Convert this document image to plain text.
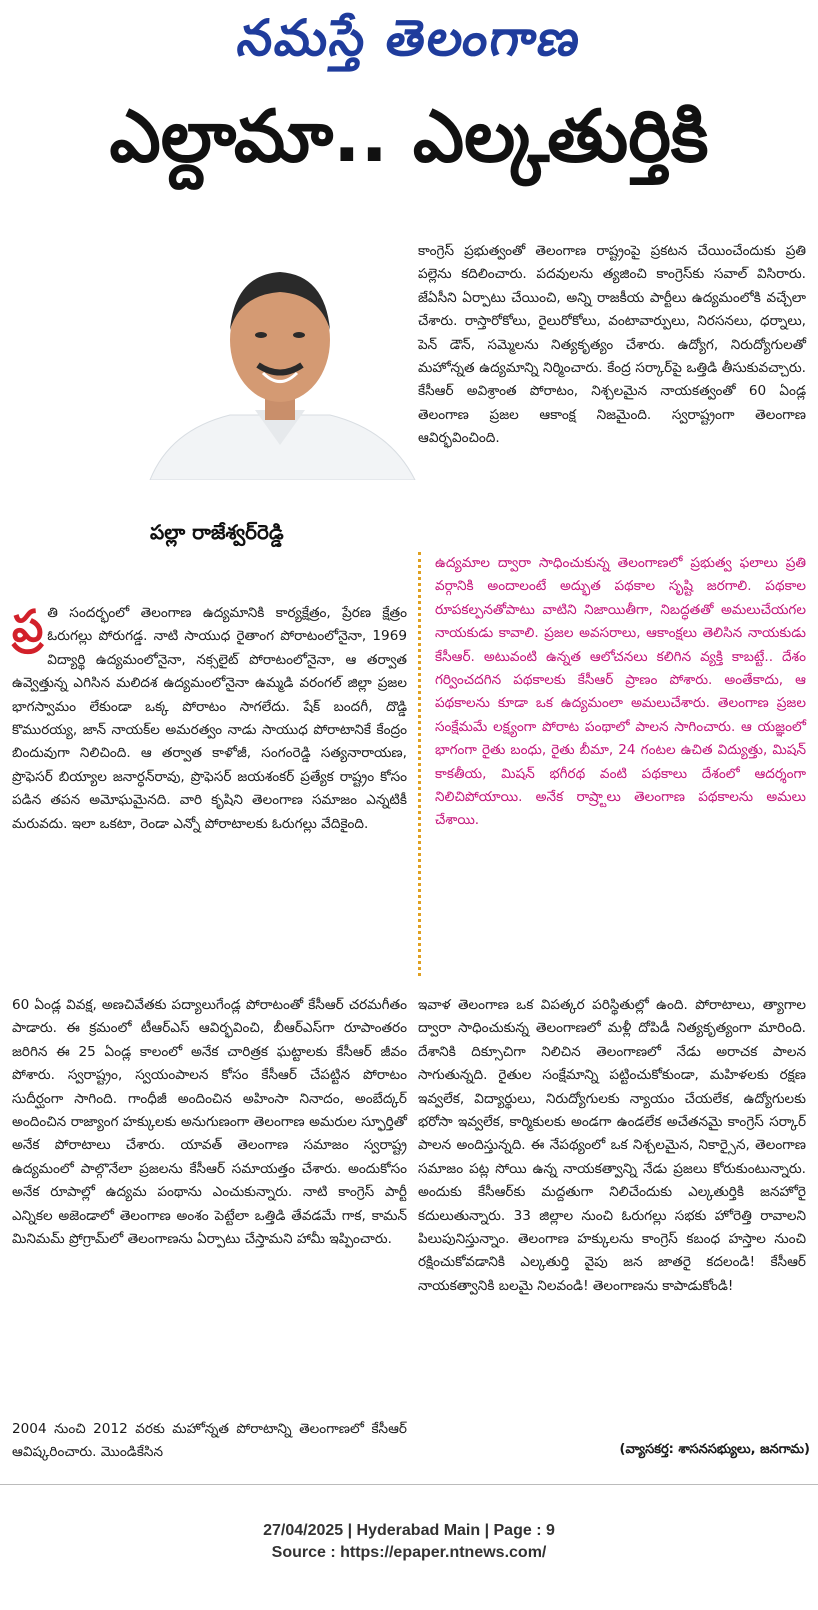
నమస్తే తెలంగాణ
ఎల్దామా.. ఎల్కతుర్తికి
పల్లా రాజేశ్వర్‌రెడ్డి

కాంగ్రెస్‌ ప్రభుత్వంతో తెలంగాణ రాష్ట్రంపై ప్రకటన చేయించేందుకు ప్రతి పల్లెను కదిలించారు. పదవులను త్యజించి కాంగ్రెస్‌కు సవాల్‌ విసిరారు. జేఏసీని ఏర్పాటు చేయించి, అన్ని రాజకీయ పార్టీలు ఉద్యమంలోకి వచ్చేలా చేశారు. రాస్తారోకోలు, రైలురోకోలు, వంటావార్పులు, నిరసనలు, ధర్నాలు, పెన్‌ డౌన్‌, సమ్మెలను నిత్యకృత్యం చేశారు. ఉద్యోగ, నిరుద్యోగులతో మహోన్నత ఉద్యమాన్ని నిర్మించారు. కేంద్ర సర్కార్‌పై ఒత్తిడి తీసుకువచ్చారు. కేసీఆర్‌ అవిశ్రాంత పోరాటం, నిశ్చలమైన నాయకత్వంతో 60 ఏండ్ల తెలంగాణ ప్రజల ఆకాంక్ష నిజమైంది. స్వరాష్ట్రంగా తెలంగాణ ఆవిర్భవించింది.

ఉద్యమాల ద్వారా సాధించుకున్న తెలంగాణలో ప్రభుత్వ ఫలాలు ప్రతి వర్గానికి అందాలంటే అద్భుత పథకాల సృష్టి జరగాలి. పథకాల రూపకల్పనతోపాటు వాటిని నిజాయితీగా, నిబద్ధతతో అమలుచేయగల నాయకుడు కావాలి. ప్రజల అవసరాలు, ఆకాంక్షలు తెలిసిన నాయకుడు కేసీఆర్‌. అటువంటి ఉన్నత ఆలోచనలు కలిగిన వ్యక్తి కాబట్టే.. దేశం గర్వించదగిన పథకాలకు కేసీఆర్‌ ప్రాణం పోశారు. అంతేకాదు, ఆ పథకాలను కూడా ఒక ఉద్యమంలా అమలుచేశారు. తెలంగాణ ప్రజల సంక్షేమమే లక్ష్యంగా పోరాట పంథాలో పాలన సాగించారు. ఆ యజ్ఞంలో భాగంగా రైతు బంధు, రైతు బీమా, 24 గంటల ఉచిత విద్యుత్తు, మిషన్‌ కాకతీయ, మిషన్‌ భగీరథ వంటి పథకాలు దేశంలో ఆదర్శంగా నిలిచిపోయాయి. అనేక రాష్ర్టాలు తెలంగాణ పథకాలను అమలు చేశాయి.

ప్ర తి సందర్భంలో తెలంగాణ ఉద్యమానికి కార్యక్షేత్రం, ప్రేరణ క్షేత్రం ఓరుగల్లు పోరుగడ్డ. నాటి సాయుధ రైతాంగ పోరాటంలోనైనా, 1969 విద్యార్థి ఉద్యమంలోనైనా, నక్సలైట్‌ పోరాటంలోనైనా, ఆ తర్వాత ఉవ్వెత్తున్న ఎగిసిన మలిదశ ఉద్యమంలోనైనా ఉమ్మడి వరంగల్‌ జిల్లా ప్రజల భాగస్వామం లేకుండా ఒక్క పోరాటం సాగలేదు. షేక్‌ బందగీ, దొడ్డి కొమురయ్య, జాన్‌ నాయక్‌ల అమరత్వం నాడు సాయుధ పోరాటానికే కేంద్రం బిందువుగా నిలిచింది. ఆ తర్వాత కాళోజీ, సంగంరెడ్డి సత్యనారాయణ, ప్రొఫెసర్‌ బియ్యాల జనార్ధన్‌రావు, ప్రొఫెసర్‌ జయశంకర్‌ ప్రత్యేక రాష్ట్రం కోసం పడిన తపన అమోఘమైనది. వారి కృషిని తెలంగాణ సమాజం ఎన్నటికీ మరువదు. ఇలా ఒకటా, రెండా ఎన్నో పోరాటాలకు ఓరుగల్లు వేదికైంది.

60 ఏండ్ల వివక్ష, అణచివేతకు పద్యాలుగేండ్ల పోరాటంతో కేసీఆర్‌ చరమగీతం పాడారు. ఈ క్రమంలో టీఆర్‌ఎస్‌ ఆవిర్భవించి, బీఆర్‌ఎస్‌గా రూపాంతరం జరిగిన ఈ 25 ఏండ్ల కాలంలో అనేక చారిత్రక ఘట్టాలకు కేసీఆర్‌ జీవం పోశారు. స్వరాష్ట్రం, స్వయంపాలన కోసం కేసీఆర్‌ చేపట్టిన పోరాటం సుదీర్ఘంగా సాగింది. గాంధీజీ అందించిన అహింసా నినాదం, అంబేద్కర్‌ అందించిన రాజ్యాంగ హక్కులకు అనుగుణంగా తెలంగాణ అమరుల స్ఫూర్తితో అనేక పోరాటాలు చేశారు. యావత్‌ తెలంగాణ సమాజం స్వరాష్ట్ర ఉద్యమంలో పాల్గొనేలా ప్రజలను కేసీఆర్‌ సమాయత్తం చేశారు. అందుకోసం అనేక రూపాల్లో ఉద్యమ పంథాను ఎంచుకున్నారు. నాటి కాంగ్రెస్‌ పార్టీ ఎన్నికల అజెండాలో తెలంగాణ అంశం పెట్టేలా ఒత్తిడి తేవడమే గాక, కామన్‌ మినిమమ్‌ ప్రోగ్రామ్‌లో తెలంగాణను ఏర్పాటు చేస్తామని హామీ ఇప్పించారు.

2004 నుంచి 2012 వరకు మహోన్నత పోరాటాన్ని తెలంగాణలో కేసీఆర్‌ ఆవిష్కరించారు. మొండికేసిన

ఇవాళ తెలంగాణ ఒక విపత్కర పరిస్థితుల్లో ఉంది. పోరాటాలు, త్యాగాల ద్వారా సాధించుకున్న తెలంగాణలో మళ్లీ దోపిడీ నిత్యకృత్యంగా మారింది. దేశానికి దిక్సూచిగా నిలిచిన తెలంగాణలో నేడు అరాచక పాలన సాగుతున్నది. రైతుల సంక్షేమాన్ని పట్టించుకోకుండా, మహిళలకు రక్షణ ఇవ్వలేక, విద్యార్థులు, నిరుద్యోగులకు న్యాయం చేయలేక, ఉద్యోగులకు భరోసా ఇవ్వలేక, కార్మికులకు అండగా ఉండలేక అచేతనమై కాంగ్రెస్‌ సర్కార్‌ పాలన అందిస్తున్నది. ఈ నేపథ్యంలో ఒక నిశ్చలమైన, నికార్సైన, తెలంగాణ సమాజం పట్ల సోయి ఉన్న నాయకత్వాన్ని నేడు ప్రజలు కోరుకుంటున్నారు. అందుకు కేసీఆర్‌కు మద్దతుగా నిలిచేందుకు ఎల్కతుర్తికి జనహోరై కదులుతున్నారు. 33 జిల్లాల నుంచి ఓరుగల్లు సభకు హోరెత్తి రావాలని పిలుపునిస్తున్నాం. తెలంగాణ హక్కులను కాంగ్రెస్‌ కబంధ హస్తాల నుంచి రక్షించుకోవడానికి ఎల్కతుర్తి వైపు జన జాతరై కదలండి! కేసీఆర్‌ నాయకత్వానికి బలమై నిలవండి! తెలంగాణను కాపాడుకోండి!

(వ్యాసకర్త: శాసనసభ్యులు, జనగామ)
27/04/2025 | Hyderabad Main | Page : 9
Source : https://epaper.ntnews.com/
